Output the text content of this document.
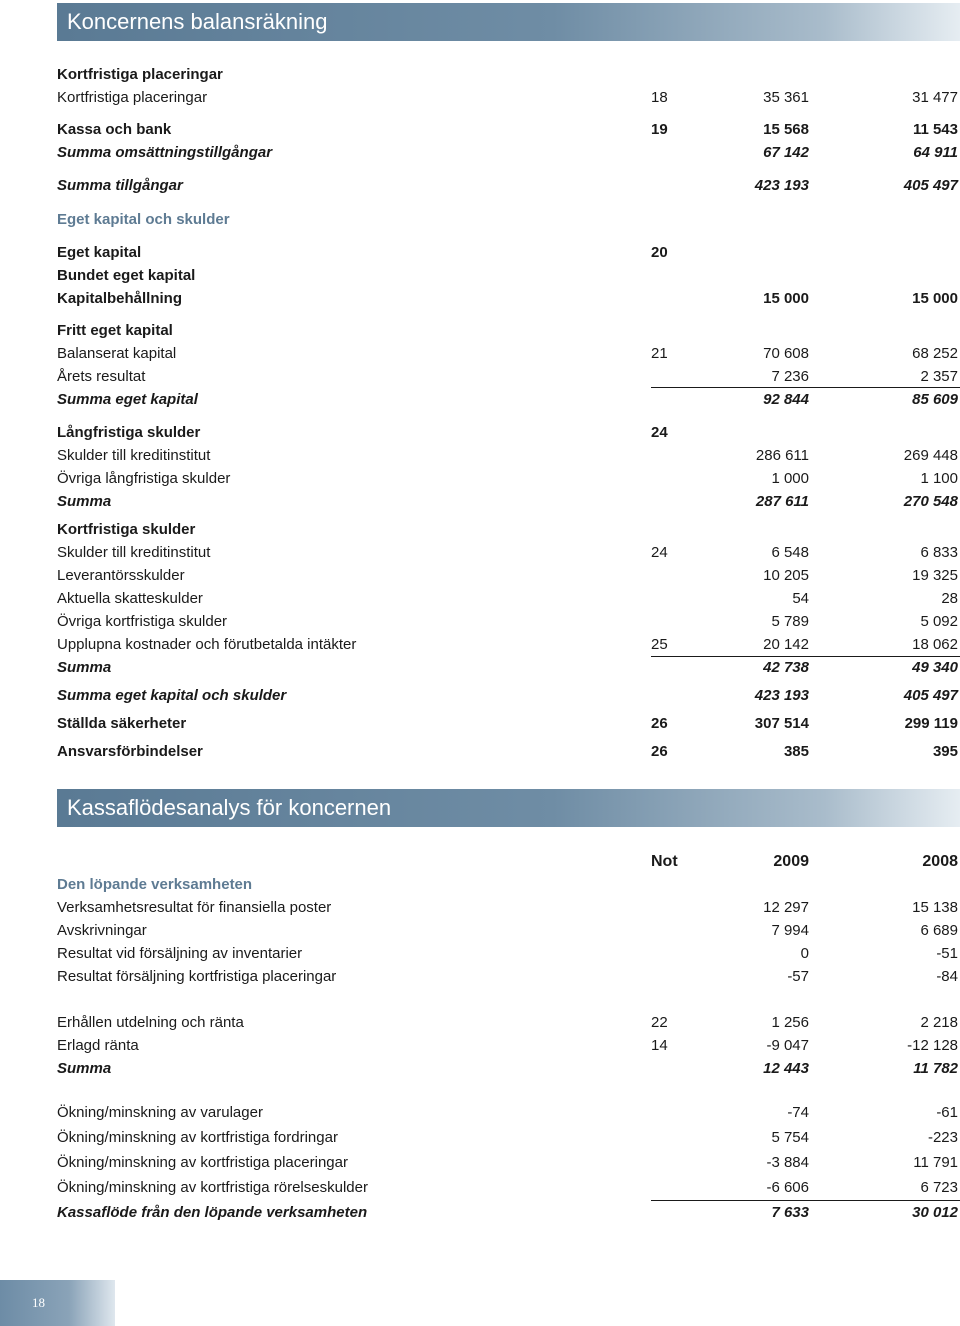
Koncernens balansräkning
Kortfristiga placeringar
Kortfristiga placeringar	18	35 361	31 477
Kassa och bank	19	15 568	11 543
Summa omsättningstillgångar	67 142	64 911
Summa tillgångar	423 193	405 497
Eget kapital och skulder
Eget kapital	20
Bundet eget kapital
Kapitalbehållning	15 000	15 000
Fritt eget kapital
Balanserat kapital	21	70 608	68 252
Årets resultat	7 236	2 357
Summa eget kapital	92 844	85 609
Långfristiga skulder	24
Skulder till kreditinstitut	286 611	269 448
Övriga långfristiga skulder	1 000	1 100
Summa	287 611	270 548
Kortfristiga skulder
Skulder till kreditinstitut	24	6 548	6 833
Leverantörsskulder	10 205	19 325
Aktuella skatteskulder	54	28
Övriga kortfristiga skulder	5 789	5 092
Upplupna kostnader och förutbetalda intäkter	25	20 142	18 062
Summa	42 738	49 340
Summa eget kapital och skulder	423 193	405 497
Ställda säkerheter	26	307 514	299 119
Ansvarsförbindelser	26	385	395
Kassaflödesanalys för koncernen
Not	2009	2008
Den löpande verksamheten
Verksamhetsresultat för finansiella poster	12 297	15 138
Avskrivningar	7 994	6 689
Resultat vid försäljning av inventarier	0	-51
Resultat försäljning kortfristiga placeringar	-57	-84
Erhållen utdelning och ränta	22	1 256	2 218
Erlagd ränta	14	-9 047	-12 128
Summa	12 443	11 782
Ökning/minskning av varulager	-74	-61
Ökning/minskning av kortfristiga fordringar	5 754	-223
Ökning/minskning av kortfristiga placeringar	-3 884	11 791
Ökning/minskning av kortfristiga rörelseskulder	-6 606	6 723
Kassaflöde från den löpande verksamheten	7 633	30 012
18
